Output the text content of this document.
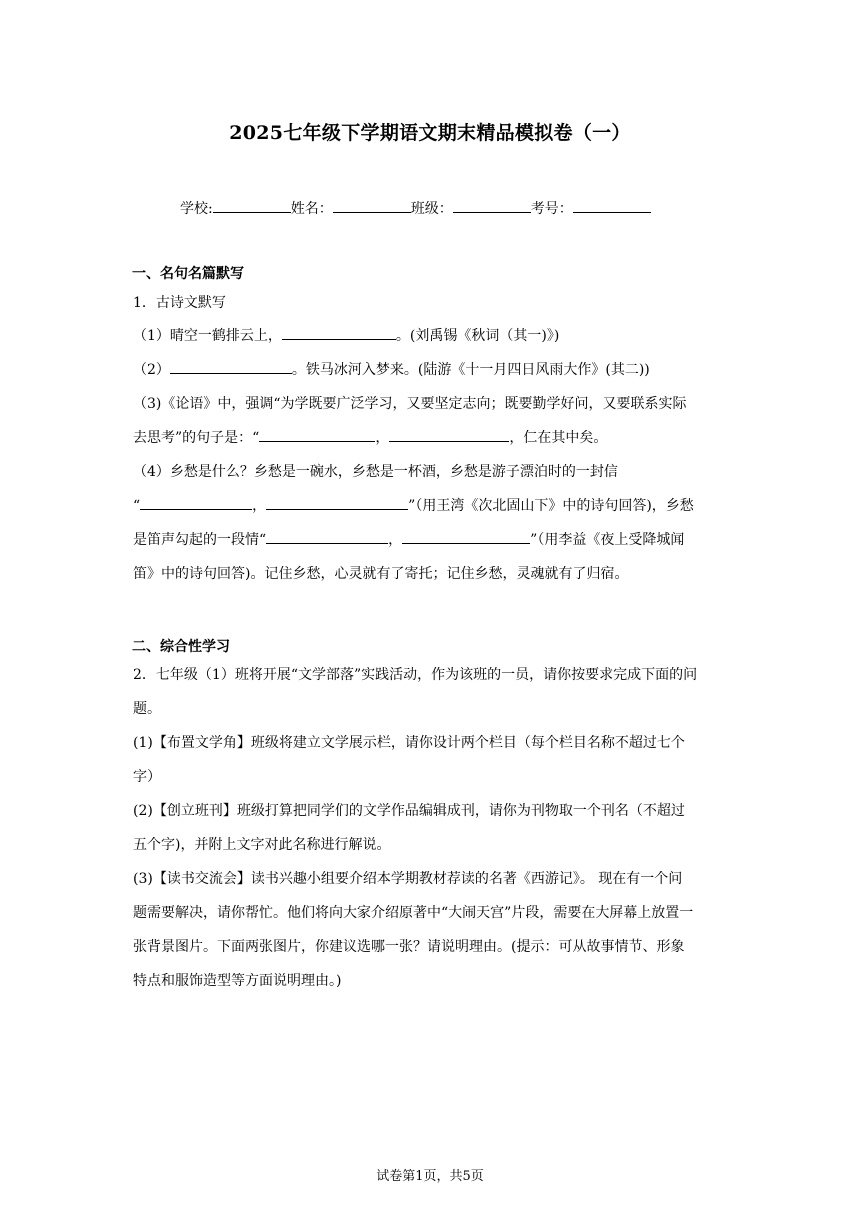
2025七年级下学期语文期末精品模拟卷（一）
学校:	姓名：	班级：	考号：
一、名句名篇默写
1．古诗文默写
（1）晴空一鹤排云上，	。(刘禹锡《秋词（其一)》)
（2）	。铁马冰河入梦来。(陆游《十一月四日风雨大作》(其二))
（3)《论语》中，强调“为学既要广泛学习，又要坚定志向；既要勤学好问，又要联系实际
去思考”的句子是：“	，	，仁在其中矣。
（4）乡愁是什么？乡愁是一碗水，乡愁是一杯酒，乡愁是游子漂泊时的一封信
“	，	”（用王湾《次北固山下》中的诗句回答)，乡愁
是笛声勾起的一段情“	，	”（用李益《夜上受降城闻
笛》中的诗句回答)。记住乡愁，心灵就有了寄托；记住乡愁，灵魂就有了归宿。
二、综合性学习
2．七年级（1）班将开展“文学部落”实践活动，作为该班的一员，请你按要求完成下面的问
题。
(1)【布置文学角】班级将建立文学展示栏，请你设计两个栏目（每个栏目名称不超过七个
字）
(2)【创立班刊】班级打算把同学们的文学作品编辑成刊，请你为刊物取一个刊名（不超过
五个字)，并附上文字对此名称进行解说。
(3)【读书交流会】读书兴趣小组要介绍本学期教材荐读的名著《西游记》。 现在有一个问
题需要解决，请你帮忙。他们将向大家介绍原著中“大闹天宫”片段，需要在大屏幕上放置一
张背景图片。下面两张图片，你建议选哪一张？请说明理由。(提示：可从故事情节、形象
特点和服饰造型等方面说明理由。)
试卷第1页，共5页
